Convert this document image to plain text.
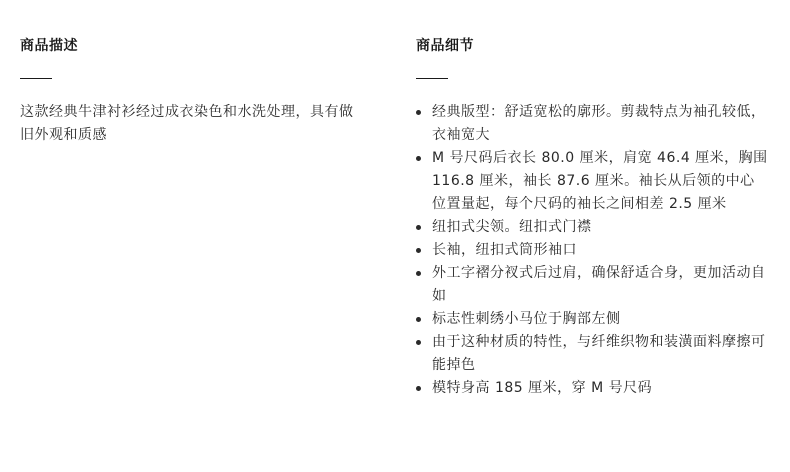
商品描述

这款经典牛津衬衫经过成衣染色和水洗处理，具有做旧外观和质感

商品细节
经典版型：舒适宽松的廓形。剪裁特点为袖孔较低，衣袖宽大
M 号尺码后衣长 80.0 厘米，肩宽 46.4 厘米，胸围 116.8 厘米，袖长 87.6 厘米。袖长从后领的中心位置量起，每个尺码的袖长之间相差 2.5 厘米
纽扣式尖领。纽扣式门襟
长袖，纽扣式筒形袖口
外工字褶分衩式后过肩，确保舒适合身，更加活动自如
标志性刺绣小马位于胸部左侧
由于这种材质的特性，与纤维织物和装潢面料摩擦可能掉色
模特身高 185 厘米，穿 M 号尺码
